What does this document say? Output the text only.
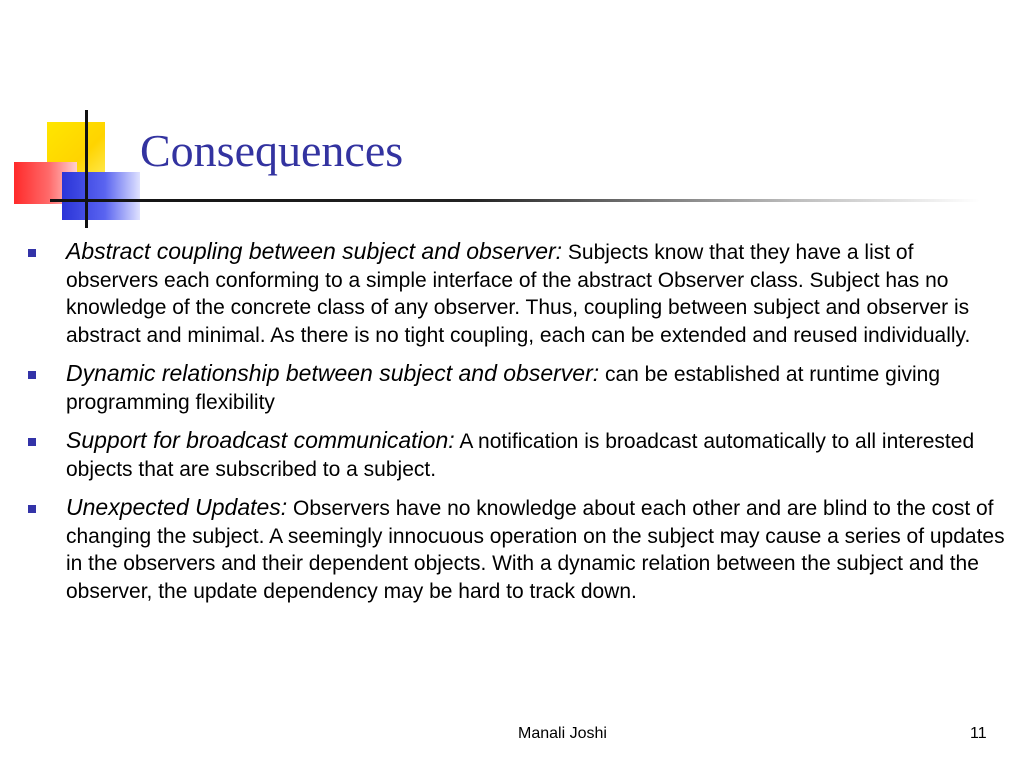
Consequences
Abstract coupling between subject and observer: Subjects know that they have a list of observers each conforming to a simple interface of the abstract Observer class. Subject has no knowledge of the concrete class of any observer. Thus, coupling between subject and observer is abstract and minimal. As there is no tight coupling, each can be extended and reused individually.
Dynamic relationship between subject and observer: can be established at runtime giving programming flexibility
Support for broadcast communication: A notification is broadcast automatically to all interested objects that are subscribed to a subject.
Unexpected Updates: Observers have no knowledge about each other and are blind to the cost of changing the subject. A seemingly innocuous operation on the subject may cause a series of updates in the observers and their dependent objects. With a dynamic relation between the subject and the observer, the update dependency may be hard to track down.
Manali Joshi	11
